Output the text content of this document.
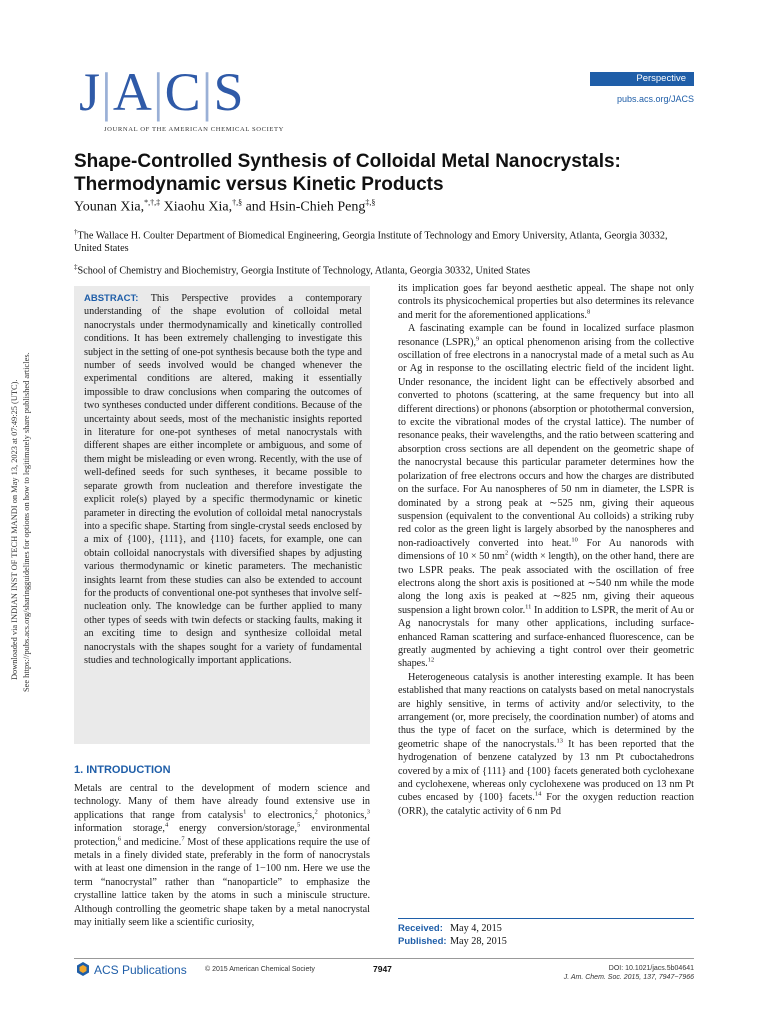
Downloaded via INDIAN INST OF TECH MANDI on May 13, 2023 at 07:49:25 (UTC). See https://pubs.acs.org/sharingguidelines for options on how to legitimately share published articles.
J|A|C|S
JOURNAL OF THE AMERICAN CHEMICAL SOCIETY
Perspective
pubs.acs.org/JACS
Shape-Controlled Synthesis of Colloidal Metal Nanocrystals:
Thermodynamic versus Kinetic Products
Younan Xia,*,†,‡ Xiaohu Xia,†,§ and Hsin-Chieh Peng‡,§
†The Wallace H. Coulter Department of Biomedical Engineering, Georgia Institute of Technology and Emory University, Atlanta, Georgia 30332, United States
‡School of Chemistry and Biochemistry, Georgia Institute of Technology, Atlanta, Georgia 30332, United States
ABSTRACT: This Perspective provides a contemporary understanding of the shape evolution of colloidal metal nanocrystals under thermodynamically and kinetically controlled conditions. It has been extremely challenging to investigate this subject in the setting of one-pot synthesis because both the type and number of seeds involved would be changed whenever the experimental conditions are altered, making it essentially impossible to draw conclusions when comparing the outcomes of two syntheses conducted under different conditions. Because of the uncertainty about seeds, most of the mechanistic insights reported in literature for one-pot syntheses of metal nanocrystals with different shapes are either incomplete or ambiguous, and some of them might be misleading or even wrong. Recently, with the use of well-defined seeds for such syntheses, it became possible to separate growth from nucleation and therefore investigate the explicit role(s) played by a specific thermodynamic or kinetic parameter in directing the evolution of colloidal metal nanocrystals into a specific shape. Starting from single-crystal seeds enclosed by a mix of {100}, {111}, and {110} facets, for example, one can obtain colloidal nanocrystals with diversified shapes by adjusting various thermodynamic or kinetic parameters. The mechanistic insights learnt from these studies can also be extended to account for the products of conventional one-pot syntheses that involve self-nucleation only. The knowledge can be further applied to many other types of seeds with twin defects or stacking faults, making it an exciting time to design and synthesize colloidal metal nanocrystals with the shapes sought for a variety of fundamental studies and technologically important applications.
1. INTRODUCTION

Metals are central to the development of modern science and technology. Many of them have already found extensive use in applications that range from catalysis$^1$ to electronics,$^2$ photonics,$^3$ information storage,$^4$ energy conversion/storage,$^5$ environmental protection,$^6$ and medicine.$^7$ Most of these applications require the use of metals in a finely divided state, preferably in the form of nanocrystals with at least one dimension in the range of 1−100 nm. Here we use the term “nanocrystal” rather than “nanoparticle” to emphasize the crystalline lattice taken by the atoms in such a miniscule structure. Although controlling the geometric shape taken by a metal nanocrystal may initially seem like a scientific curiosity,

its implication goes far beyond aesthetic appeal. The shape not only controls its physicochemical properties but also determines its relevance and merit for the aforementioned applications.$^8$

A fascinating example can be found in localized surface plasmon resonance (LSPR),$^9$ an optical phenomenon arising from the collective oscillation of free electrons in a nanocrystal made of a metal such as Au or Ag in response to the oscillating electric field of the incident light. Under resonance, the incident light can be effectively absorbed and converted to photons (scattering, at the same frequency but into all different directions) or phonons (absorption or photothermal conversion, to excite the vibrational modes of the crystal lattice). The number of resonance peaks, their wavelengths, and the ratio between scattering and absorption cross sections are all dependent on the geometric shape of the nanocrystal because this particular parameter determines how the polarization of free electrons occurs and how the charges are distributed on the surface. For Au nanospheres of 50 nm in diameter, the LSPR is dominated by a strong peak at ∼525 nm, giving their aqueous suspension (equivalent to the conventional Au colloids) a striking ruby red color as the green light is largely absorbed by the nanospheres and non-radioactively converted into heat.$^{10}$ For Au nanorods with dimensions of 10 × 50 $nm^2$ (width × length), on the other hand, there are two LSPR peaks. The peak associated with the oscillation of free electrons along the short axis is positioned at ∼540 nm while the mode along the long axis is peaked at ∼825 nm, giving their aqueous suspension a light brown color.$^{11}$ In addition to LSPR, the merit of Au or Ag nanocrystals for many other applications, including surface-enhanced Raman scattering and surface-enhanced fluorescence, can be greatly augmented by achieving a tight control over their geometric shapes.$^{12}$

Heterogeneous catalysis is another interesting example. It has been established that many reactions on catalysts based on metal nanocrystals are highly sensitive, in terms of activity and/or selectivity, to the arrangement (or, more precisely, the coordination number) of atoms and thus the type of facet on the surface, which is determined by the geometric shape of the nanocrystals.$^{13}$ It has been reported that the hydrogenation of benzene catalyzed by 13 nm Pt cuboctahedrons covered by a mix of {111} and {100} facets generated both cyclohexane and cyclohexene, whereas only cyclohexene was produced on 13 nm Pt cubes encased by {100} facets.$^{14}$ For the oxygen reduction reaction (ORR), the catalytic activity of 6 nm Pd

Received: May 4, 2015
Published: May 28, 2015
ACS Publications	© 2015 American Chemical Society	7947	DOI: 10.1021/jacs.5b04641
J. Am. Chem. Soc. 2015, 137, 7947−7966
